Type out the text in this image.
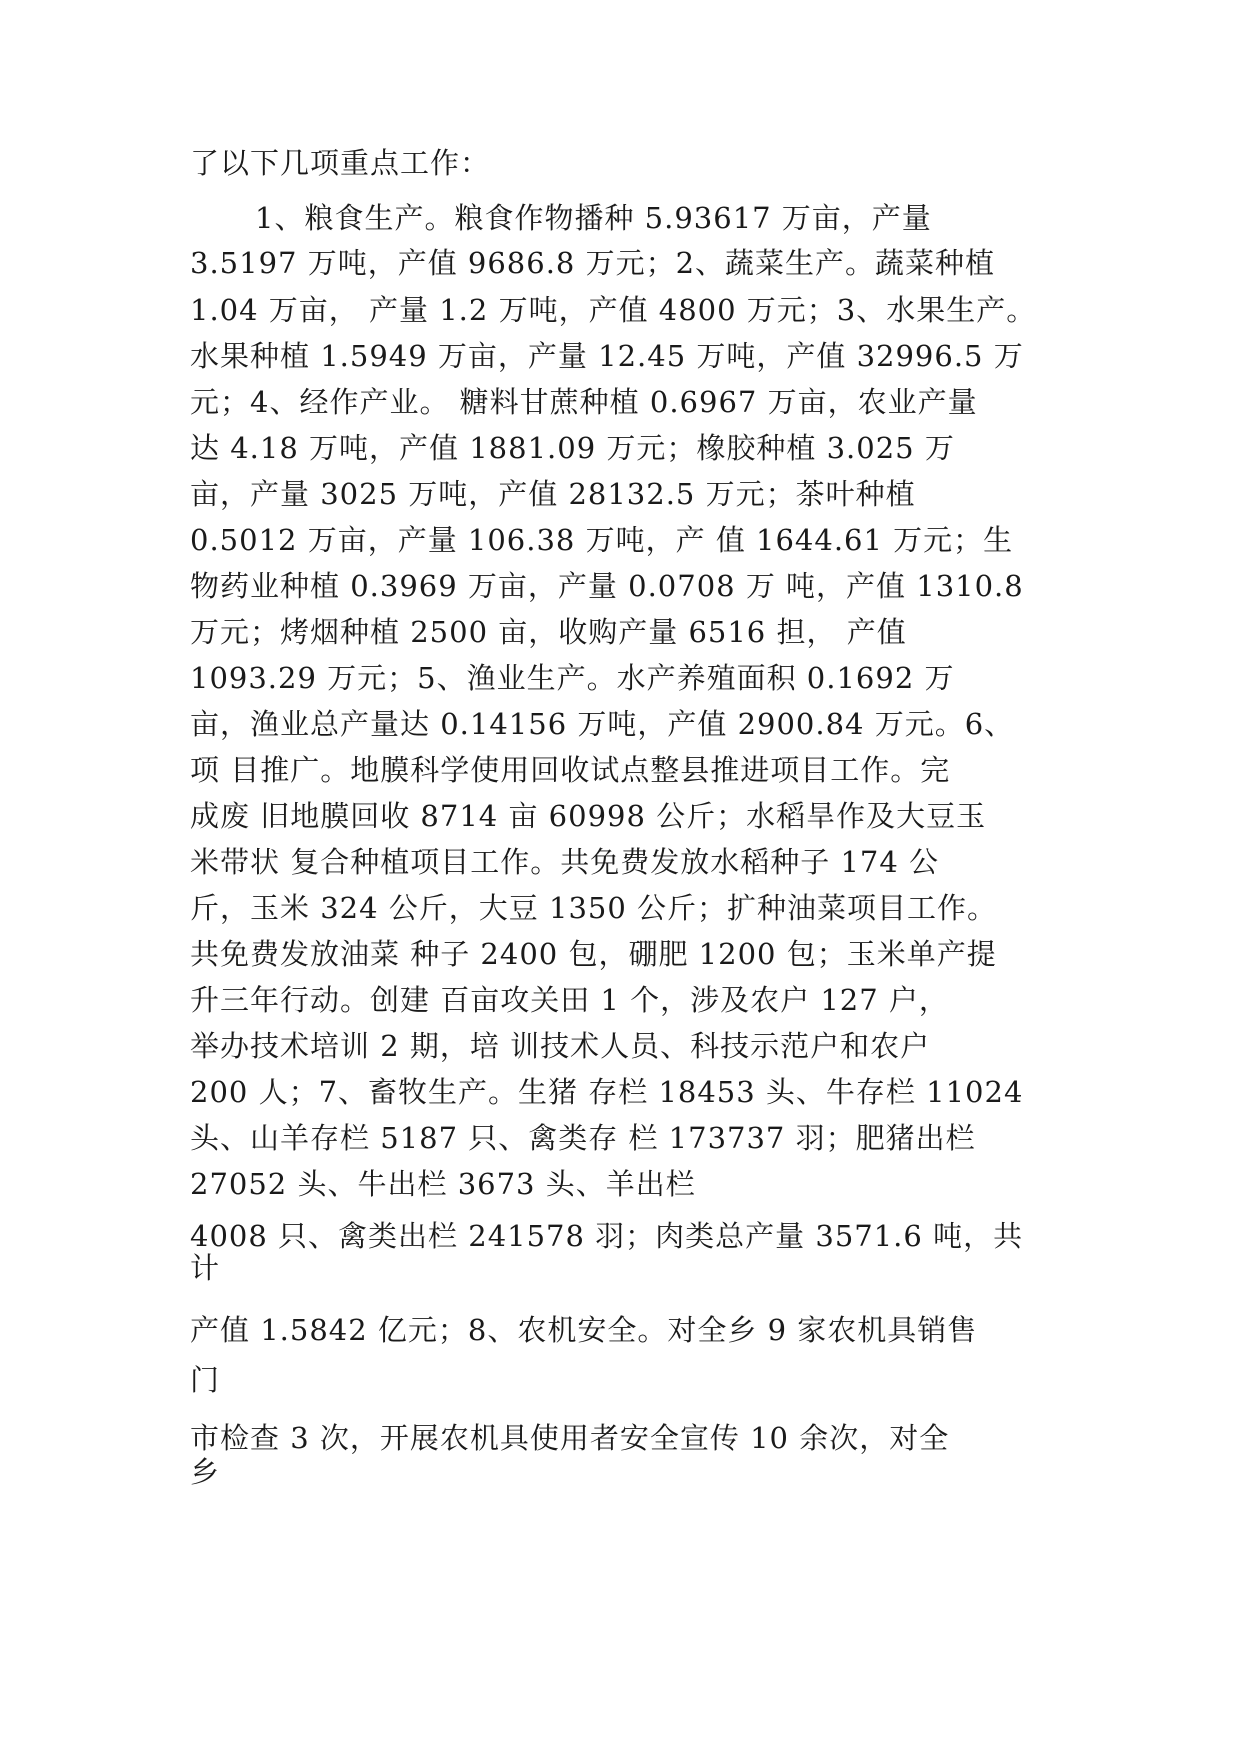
了以下几项重点工作：

1、粮食生产。粮食作物播种 5.93617 万亩，产量

3.5197 万吨，产值 9686.8 万元；2、蔬菜生产。蔬菜种植

1.04 万亩， 产量 1.2 万吨，产值 4800 万元；3、水果生产。

水果种植 1.5949 万亩，产量 12.45 万吨，产值 32996.5 万

元；4、经作产业。 糖料甘蔗种植 0.6967 万亩，农业产量

达 4.18 万吨，产值 1881.09 万元；橡胶种植 3.025 万

亩，产量 3025 万吨，产值 28132.5 万元；茶叶种植

0.5012 万亩，产量 106.38 万吨，产 值 1644.61 万元；生

物药业种植 0.3969 万亩，产量 0.0708 万 吨，产值 1310.8

万元；烤烟种植 2500 亩，收购产量 6516 担， 产值

1093.29 万元；5、渔业生产。水产养殖面积 0.1692 万

亩，渔业总产量达 0.14156 万吨，产值 2900.84 万元。6、

项 目推广。地膜科学使用回收试点整县推进项目工作。完

成废 旧地膜回收 8714 亩 60998 公斤；水稻旱作及大豆玉

米带状 复合种植项目工作。共免费发放水稻种子 174 公

斤，玉米 324 公斤，大豆 1350 公斤；扩种油菜项目工作。

共免费发放油菜 种子 2400 包，硼肥 1200 包；玉米单产提

升三年行动。创建 百亩攻关田 1 个，涉及农户 127 户，

举办技术培训 2 期，培 训技术人员、科技示范户和农户

200 人；7、畜牧生产。生猪 存栏 18453 头、牛存栏 11024

头、山羊存栏 5187 只、禽类存 栏 173737 羽；肥猪出栏

27052 头、牛出栏 3673 头、羊出栏

4008 只、禽类出栏 241578 羽；肉类总产量 3571.6 吨，共

计

产值 1.5842 亿元；8、农机安全。对全乡 9 家农机具销售

门

市检查 3 次，开展农机具使用者安全宣传 10 余次，对全

乡
